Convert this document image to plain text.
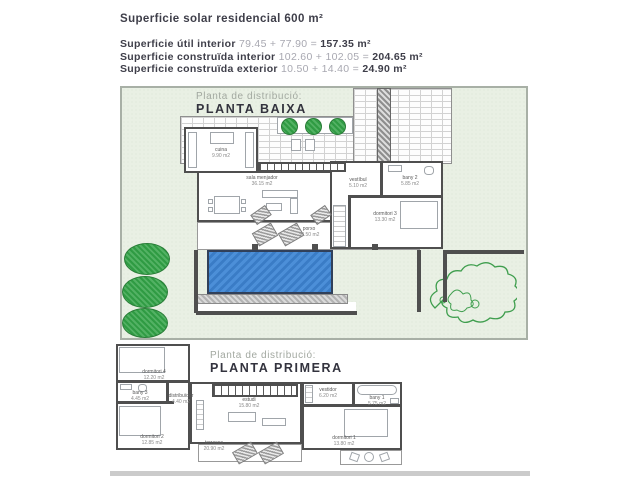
Superficie solar residencial 600 m²
Superficie útil interior 79.45 + 77.90 = 157.35 m²
Superficie construïda interior 102.60 + 102.05 = 204.65 m²
Superficie construïda exterior 10.50 + 14.40 = 24.90 m²
Planta de distribució:
PLANTA BAIXA
cuina
9.90 m2
sala menjador
36.15 m2
vestíbul
5.10 m2
bany 2
5.85 m2
dormitori 3
13.30 m2
porxo
10.50 m2
Planta de distribució:
PLANTA PRIMERA
dormitori 4
12.20 m2
bany 3
4.45 m2	distribuïdor
4.40 m2
dormitori 2
12.85 m2
estudi
15.80 m2
terrassa
20.90 m2
vestidor
6.20 m2	bany 1
5.75 m2
dormitori 1
13.80 m2
